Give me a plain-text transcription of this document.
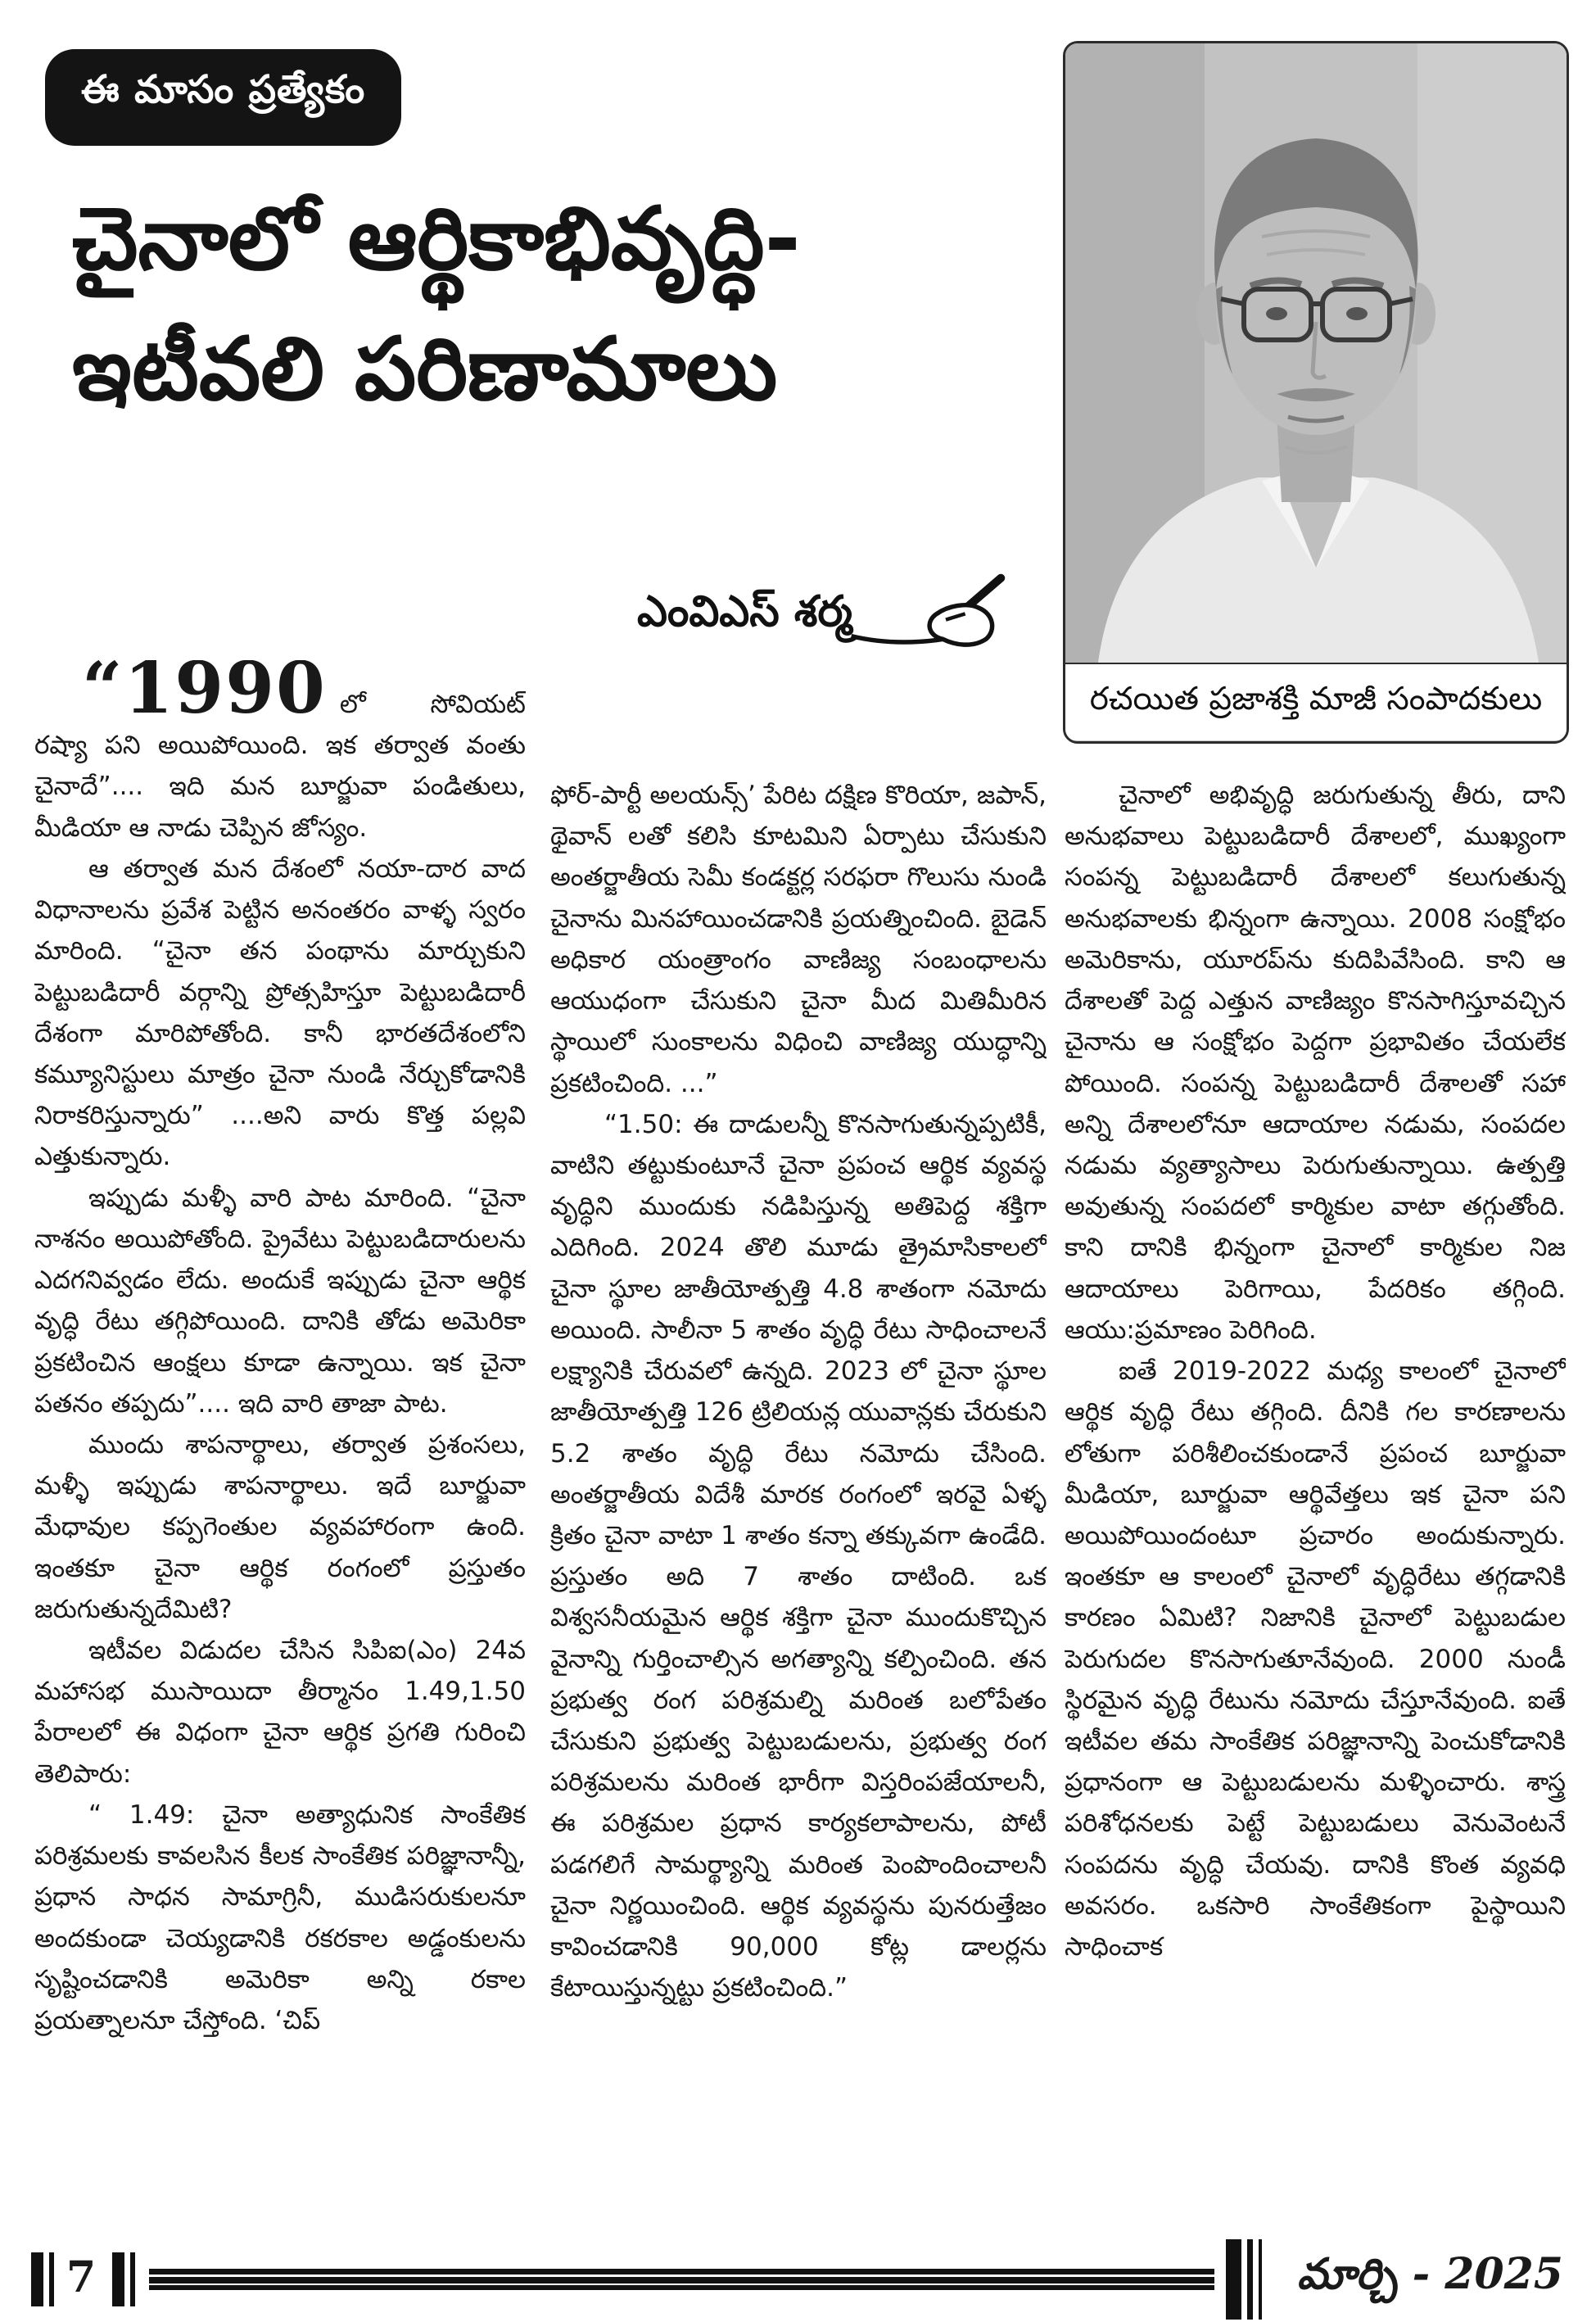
ఈ మాసం ప్రత్యేకం
చైనాలో ఆర్థికాభివృద్ధి-
ఇటీవలి పరిణామాలు
రచయిత ప్రజాశక్తి మాజీ సంపాదకులు
ఎంవిఎస్ శర్మ

“1990 లో సోవియట్ రష్యా పని అయిపోయింది. ఇక తర్వాత వంతు చైనాదే”.... ఇది మన బూర్జువా పండితులు, మీడియా ఆ నాడు చెప్పిన జోస్యం.

ఆ తర్వాత మన దేశంలో నయా-దార వాద విధానాలను ప్రవేశ పెట్టిన అనంతరం వాళ్ళ స్వరం మారింది. “చైనా తన పంథాను మార్చుకుని పెట్టుబడిదారీ వర్గాన్ని ప్రోత్సహిస్తూ పెట్టుబడిదారీ దేశంగా మారిపోతోంది. కానీ భారతదేశంలోని కమ్యూనిస్టులు మాత్రం చైనా నుండి నేర్చుకోడానికి నిరాకరిస్తున్నారు” ....అని వారు కొత్త పల్లవి ఎత్తుకున్నారు.

ఇప్పుడు మళ్ళీ వారి పాట మారింది. “చైనా నాశనం అయిపోతోంది. ప్రైవేటు పెట్టుబడిదారులను ఎదగనివ్వడం లేదు. అందుకే ఇప్పుడు చైనా ఆర్థిక వృద్ధి రేటు తగ్గిపోయింది. దానికి తోడు అమెరికా ప్రకటించిన ఆంక్షలు కూడా ఉన్నాయి. ఇక చైనా పతనం తప్పదు”.... ఇది వారి తాజా పాట.

ముందు శాపనార్థాలు, తర్వాత ప్రశంసలు, మళ్ళీ ఇప్పుడు శాపనార్థాలు. ఇదే బూర్జువా మేధావుల కప్పగెంతుల వ్యవహారంగా ఉంది. ఇంతకూ చైనా ఆర్థిక రంగంలో ప్రస్తుతం జరుగుతున్నదేమిటి?

ఇటీవల విడుదల చేసిన సిపిఐ(ఎం) 24వ మహాసభ ముసాయిదా తీర్మానం 1.49,1.50 పేరాలలో ఈ విధంగా చైనా ఆర్థిక ప్రగతి గురించి తెలిపారు:

“ 1.49: చైనా అత్యాధునిక సాంకేతిక పరిశ్రమలకు కావలసిన కీలక సాంకేతిక పరిజ్ఞానాన్నీ, ప్రధాన సాధన సామాగ్రినీ, ముడిసరుకులనూ అందకుండా చెయ్యడానికి రకరకాల అడ్డంకులను సృష్టించడానికి అమెరికా అన్ని రకాల ప్రయత్నాలనూ చేస్తోంది. ‘చిప్

ఫోర్-పార్టీ అలయన్స్’ పేరిట దక్షిణ కొరియా, జపాన్, థైవాన్ లతో కలిసి కూటమిని ఏర్పాటు చేసుకుని అంతర్జాతీయ సెమీ కండక్టర్ల సరఫరా గొలుసు నుండి చైనాను మినహాయించడానికి ప్రయత్నించింది. బైడెన్ అధికార యంత్రాంగం వాణిజ్య సంబంధాలను ఆయుధంగా చేసుకుని చైనా మీద మితిమీరిన స్థాయిలో సుంకాలను విధించి వాణిజ్య యుద్ధాన్ని ప్రకటించింది. ...”

“1.50: ఈ దాడులన్నీ కొనసాగుతున్నప్పటికీ, వాటిని తట్టుకుంటూనే చైనా ప్రపంచ ఆర్థిక వ్యవస్థ వృద్ధిని ముందుకు నడిపిస్తున్న అతిపెద్ద శక్తిగా ఎదిగింది. 2024 తొలి మూడు త్రైమాసికాలలో చైనా స్థూల జాతీయోత్పత్తి 4.8 శాతంగా నమోదు అయింది. సాలీనా 5 శాతం వృద్ధి రేటు సాధించాలనే లక్ష్యానికి చేరువలో ఉన్నది. 2023 లో చైనా స్థూల జాతీయోత్పత్తి 126 ట్రిలియన్ల యువాన్లకు చేరుకుని 5.2 శాతం వృద్ధి రేటు నమోదు చేసింది. అంతర్జాతీయ విదేశీ మారక రంగంలో ఇరవై ఏళ్ళ క్రితం చైనా వాటా 1 శాతం కన్నా తక్కువగా ఉండేది. ప్రస్తుతం అది 7 శాతం దాటింది. ఒక విశ్వసనీయమైన ఆర్థిక శక్తిగా చైనా ముందుకొచ్చిన వైనాన్ని గుర్తించాల్సిన అగత్యాన్ని కల్పించింది. తన ప్రభుత్వ రంగ పరిశ్రమల్ని మరింత బలోపేతం చేసుకుని ప్రభుత్వ పెట్టుబడులను, ప్రభుత్వ రంగ పరిశ్రమలను మరింత భారీగా విస్తరింపజేయాలనీ, ఈ పరిశ్రమల ప్రధాన కార్యకలాపాలను, పోటీ పడగలిగే సామర్థ్యాన్ని మరింత పెంపొందించాలనీ చైనా నిర్ణయించింది. ఆర్థిక వ్యవస్థను పునరుత్తేజం కావించడానికి 90,000 కోట్ల డాలర్లను కేటాయిస్తున్నట్టు ప్రకటించింది.”

చైనాలో అభివృద్ధి జరుగుతున్న తీరు, దాని అనుభవాలు పెట్టుబడిదారీ దేశాలలో, ముఖ్యంగా సంపన్న పెట్టుబడిదారీ దేశాలలో కలుగుతున్న అనుభవాలకు భిన్నంగా ఉన్నాయి. 2008 సంక్షోభం అమెరికాను, యూరప్‌ను కుదిపివేసింది. కాని ఆ దేశాలతో పెద్ద ఎత్తున వాణిజ్యం కొనసాగిస్తూవచ్చిన చైనాను ఆ సంక్షోభం పెద్దగా ప్రభావితం చేయలేక పోయింది. సంపన్న పెట్టుబడిదారీ దేశాలతో సహా అన్ని దేశాలలోనూ ఆదాయాల నడుమ, సంపదల నడుమ వ్యత్యాసాలు పెరుగుతున్నాయి. ఉత్పత్తి అవుతున్న సంపదలో కార్మికుల వాటా తగ్గుతోంది. కాని దానికి భిన్నంగా చైనాలో కార్మికుల నిజ ఆదాయాలు పెరిగాయి, పేదరికం తగ్గింది. ఆయు:ప్రమాణం పెరిగింది.

ఐతే 2019-2022 మధ్య కాలంలో చైనాలో ఆర్థిక వృద్ధి రేటు తగ్గింది. దీనికి గల కారణాలను లోతుగా పరిశీలించకుండానే ప్రపంచ బూర్జువా మీడియా, బూర్జువా ఆర్థివేత్తలు ఇక చైనా పని అయిపోయిందంటూ ప్రచారం అందుకున్నారు. ఇంతకూ ఆ కాలంలో చైనాలో వృద్ధిరేటు తగ్గడానికి కారణం ఏమిటి? నిజానికి చైనాలో పెట్టుబడుల పెరుగుదల కొనసాగుతూనేవుంది. 2000 నుండీ స్థిరమైన వృద్ధి రేటును నమోదు చేస్తూనేవుంది. ఐతే ఇటీవల తమ సాంకేతిక పరిజ్ఞానాన్ని పెంచుకోడానికి ప్రధానంగా ఆ పెట్టుబడులను మళ్ళించారు. శాస్త్ర పరిశోధనలకు పెట్టే పెట్టుబడులు వెనువెంటనే సంపదను వృద్ధి చేయవు. దానికి కొంత వ్యవధి అవసరం. ఒకసారి సాంకేతికంగా పైస్థాయిని సాధించాక

7	మార్చి - 2025
